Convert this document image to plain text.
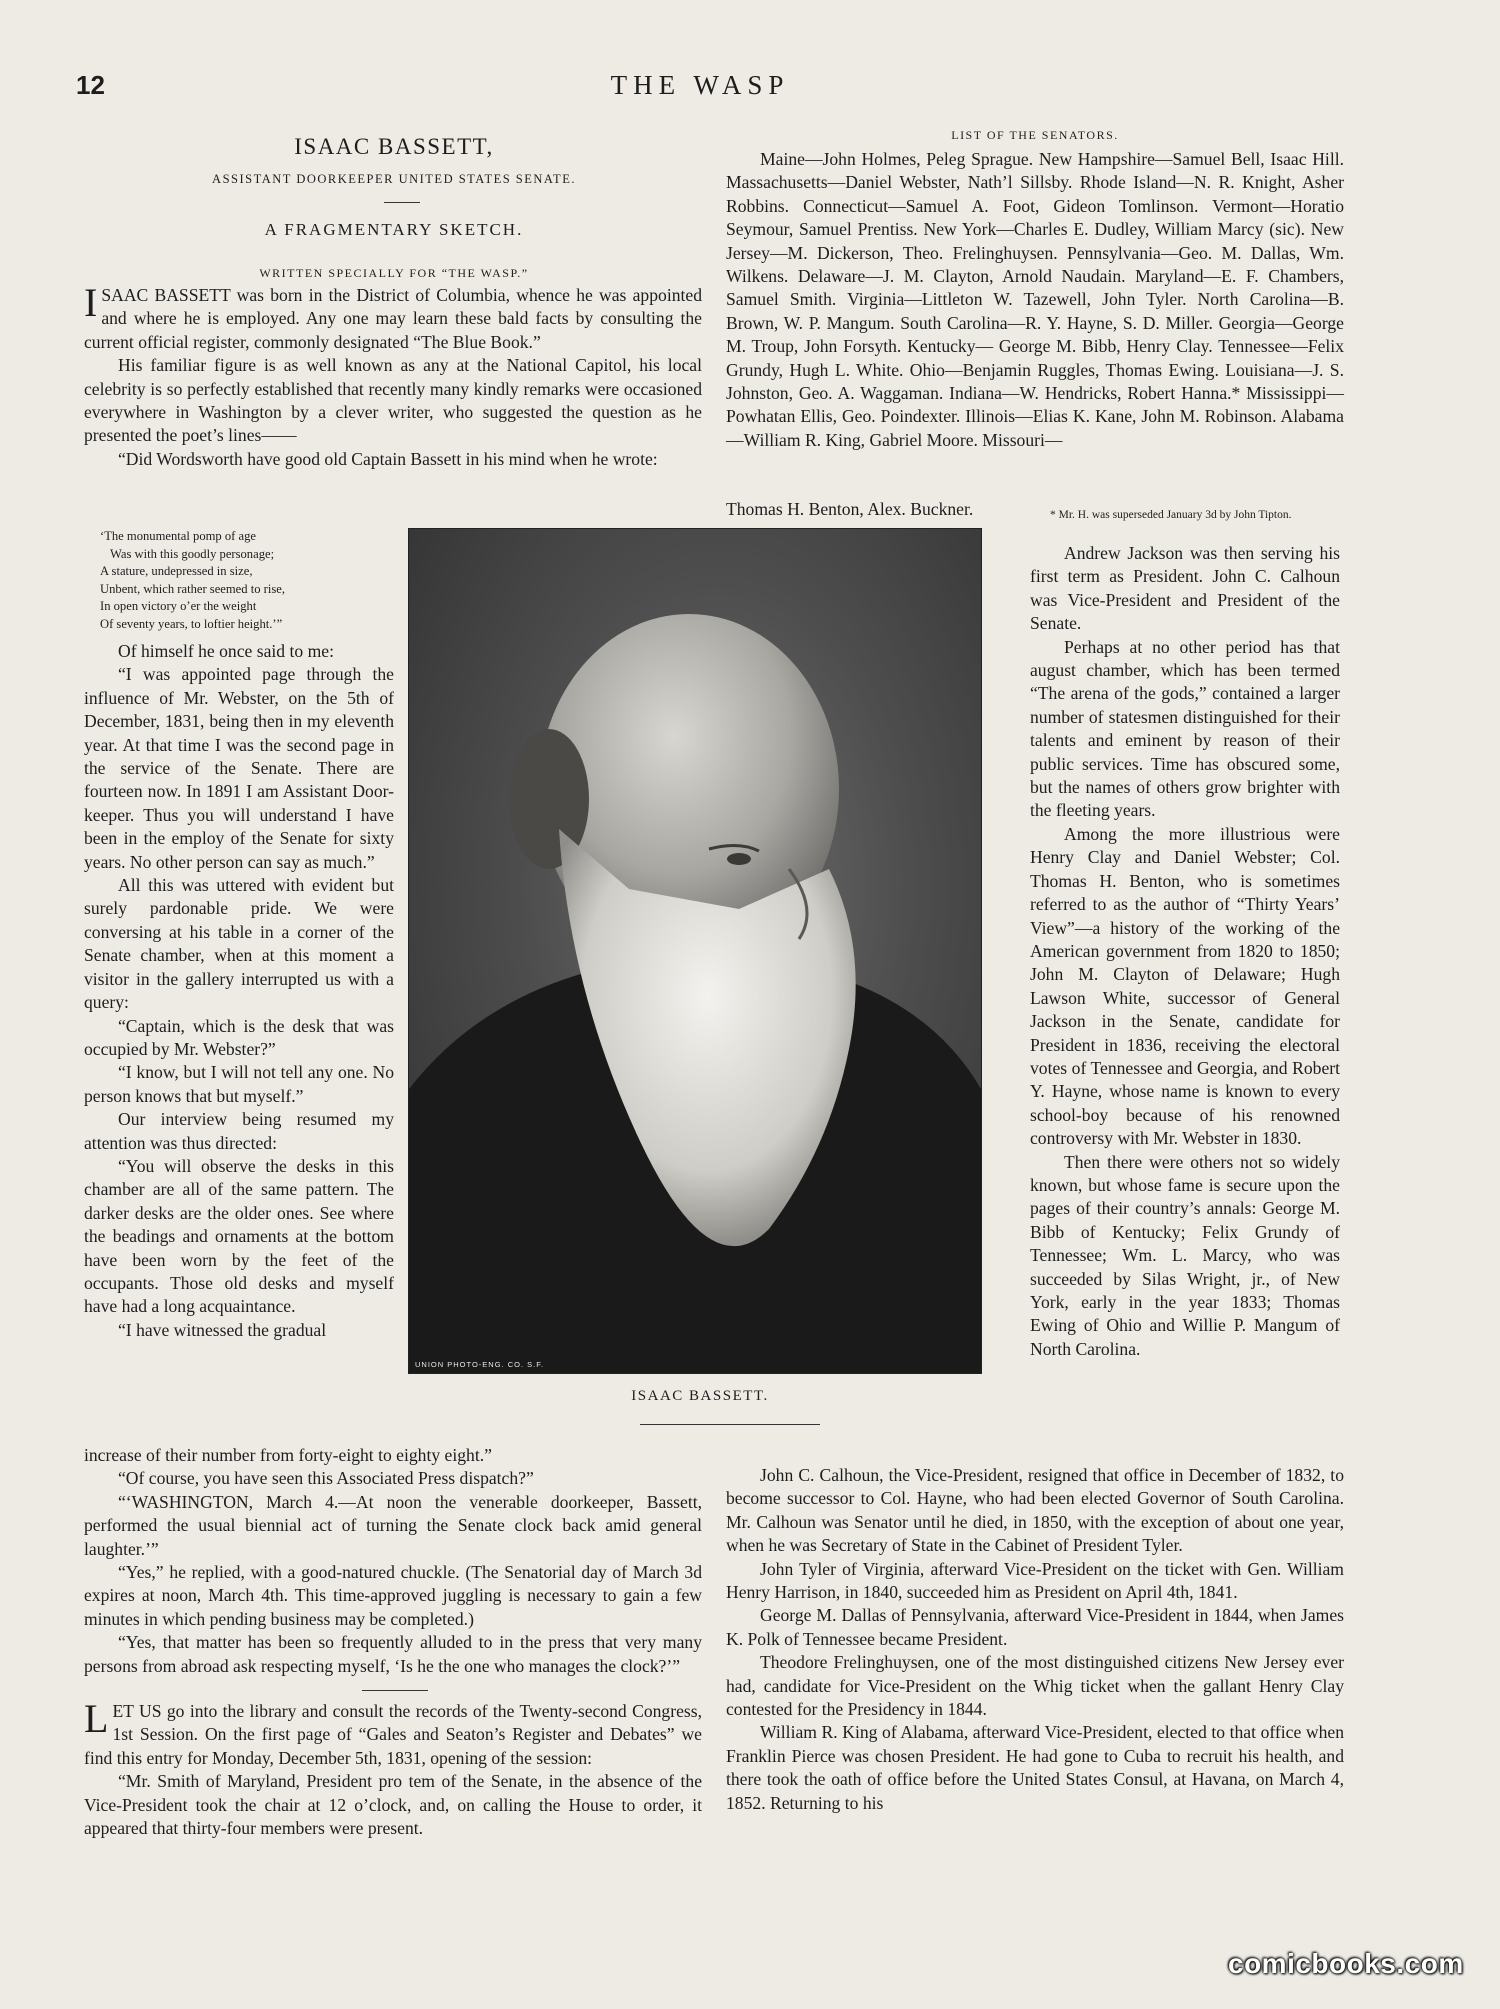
12	THE WASP
ISAAC BASSETT,
ASSISTANT DOORKEEPER UNITED STATES SENATE.
A FRAGMENTARY SKETCH.
WRITTEN SPECIALLY FOR “THE WASP.”

ISAAC BASSETT was born in the District of Columbia, whence he was appointed and where he is employed. Any one may learn these bald facts by consulting the current official register, commonly designated “The Blue Book.”

His familiar figure is as well known as any at the National Capitol, his local celebrity is so perfectly established that recently many kindly remarks were occasioned everywhere in Washington by a clever writer, who suggested the question as he presented the poet’s lines——

“Did Wordsworth have good old Captain Bassett in his mind when he wrote:

‘The monumental pomp of age
Was with this goodly personage;
A stature, undepressed in size,
Unbent, which rather seemed to rise,
In open victory o’er the weight
Of seventy years, to loftier height.’”

Of himself he once said to me:

“I was appointed page through the influence of Mr. Webster, on the 5th of December, 1831, being then in my eleventh year. At that time I was the second page in the service of the Senate. There are fourteen now. In 1891 I am Assistant Door-keeper. Thus you will understand I have been in the employ of the Senate for sixty years. No other person can say as much.”

All this was uttered with evident but surely pardonable pride. We were conversing at his table in a corner of the Senate chamber, when at this moment a visitor in the gallery interrupted us with a query:

“Captain, which is the desk that was occupied by Mr. Webster?”

“I know, but I will not tell any one. No person knows that but myself.”

Our interview being resumed my attention was thus directed:

“You will observe the desks in this chamber are all of the same pattern. The darker desks are the older ones. See where the beadings and ornaments at the bottom have been worn by the feet of the occupants. Those old desks and myself have had a long acquaintance.

“I have witnessed the gradual

UNION PHOTO-ENG. CO. S.F.
ISAAC BASSETT.
LIST OF THE SENATORS.

Maine—John Holmes, Peleg Sprague. New Hampshire—Samuel Bell, Isaac Hill. Massachusetts—Daniel Webster, Nath’l Sillsby. Rhode Island—N. R. Knight, Asher Robbins. Connecticut—Samuel A. Foot, Gideon Tomlinson. Vermont—Horatio Seymour, Samuel Prentiss. New York—Charles E. Dudley, William Marcy (sic). New Jersey—M. Dickerson, Theo. Frelinghuysen. Pennsylvania—Geo. M. Dallas, Wm. Wilkens. Delaware—J. M. Clayton, Arnold Naudain. Maryland—E. F. Chambers, Samuel Smith. Virginia—Littleton W. Tazewell, John Tyler. North Carolina—B. Brown, W. P. Mangum. South Carolina—R. Y. Hayne, S. D. Miller. Georgia—George M. Troup, John Forsyth. Kentucky— George M. Bibb, Henry Clay. Tennessee—Felix Grundy, Hugh L. White. Ohio—Benjamin Ruggles, Thomas Ewing. Louisiana—J. S. Johnston, Geo. A. Waggaman. Indiana—W. Hendricks, Robert Hanna.* Mississippi—Powhatan Ellis, Geo. Poindexter. Illinois—Elias K. Kane, John M. Robinson. Alabama—William R. King, Gabriel Moore. Missouri—

Thomas H. Benton, Alex. Buckner.	* Mr. H. was superseded January 3d by John Tipton.

Andrew Jackson was then serving his first term as President. John C. Calhoun was Vice-President and President of the Senate.

Perhaps at no other period has that august chamber, which has been termed “The arena of the gods,” contained a larger number of statesmen distinguished for their talents and eminent by reason of their public services. Time has obscured some, but the names of others grow brighter with the fleeting years.

Among the more illustrious were Henry Clay and Daniel Webster; Col. Thomas H. Benton, who is sometimes referred to as the author of “Thirty Years’ View”—a history of the working of the American government from 1820 to 1850; John M. Clayton of Delaware; Hugh Lawson White, successor of General Jackson in the Senate, candidate for President in 1836, receiving the electoral votes of Tennessee and Georgia, and Robert Y. Hayne, whose name is known to every school-boy because of his renowned controversy with Mr. Webster in 1830.

Then there were others not so widely known, but whose fame is secure upon the pages of their country’s annals: George M. Bibb of Kentucky; Felix Grundy of Tennessee; Wm. L. Marcy, who was succeeded by Silas Wright, jr., of New York, early in the year 1833; Thomas Ewing of Ohio and Willie P. Mangum of North Carolina.

increase of their number from forty-eight to eighty eight.”

“Of course, you have seen this Associated Press dispatch?”

“‘WASHINGTON, March 4.—At noon the venerable doorkeeper, Bassett, performed the usual biennial act of turning the Senate clock back amid general laughter.’”

“Yes,” he replied, with a good-natured chuckle. (The Senatorial day of March 3d expires at noon, March 4th. This time-approved juggling is necessary to gain a few minutes in which pending business may be completed.)

“Yes, that matter has been so frequently alluded to in the press that very many persons from abroad ask respecting myself, ‘Is he the one who manages the clock?’”

LET US go into the library and consult the records of the Twenty-second Congress, 1st Session. On the first page of “Gales and Seaton’s Register and Debates” we find this entry for Monday, December 5th, 1831, opening of the session:

“Mr. Smith of Maryland, President pro tem of the Senate, in the absence of the Vice-President took the chair at 12 o’clock, and, on calling the House to order, it appeared that thirty-four members were present.

John C. Calhoun, the Vice-President, resigned that office in December of 1832, to become successor to Col. Hayne, who had been elected Governor of South Carolina. Mr. Calhoun was Senator until he died, in 1850, with the exception of about one year, when he was Secretary of State in the Cabinet of President Tyler.

John Tyler of Virginia, afterward Vice-President on the ticket with Gen. William Henry Harrison, in 1840, succeeded him as President on April 4th, 1841.

George M. Dallas of Pennsylvania, afterward Vice-President in 1844, when James K. Polk of Tennessee became President.

Theodore Frelinghuysen, one of the most distinguished citizens New Jersey ever had, candidate for Vice-President on the Whig ticket when the gallant Henry Clay contested for the Presidency in 1844.

William R. King of Alabama, afterward Vice-President, elected to that office when Franklin Pierce was chosen President. He had gone to Cuba to recruit his health, and there took the oath of office before the United States Consul, at Havana, on March 4, 1852. Returning to his

comicbooks.com
